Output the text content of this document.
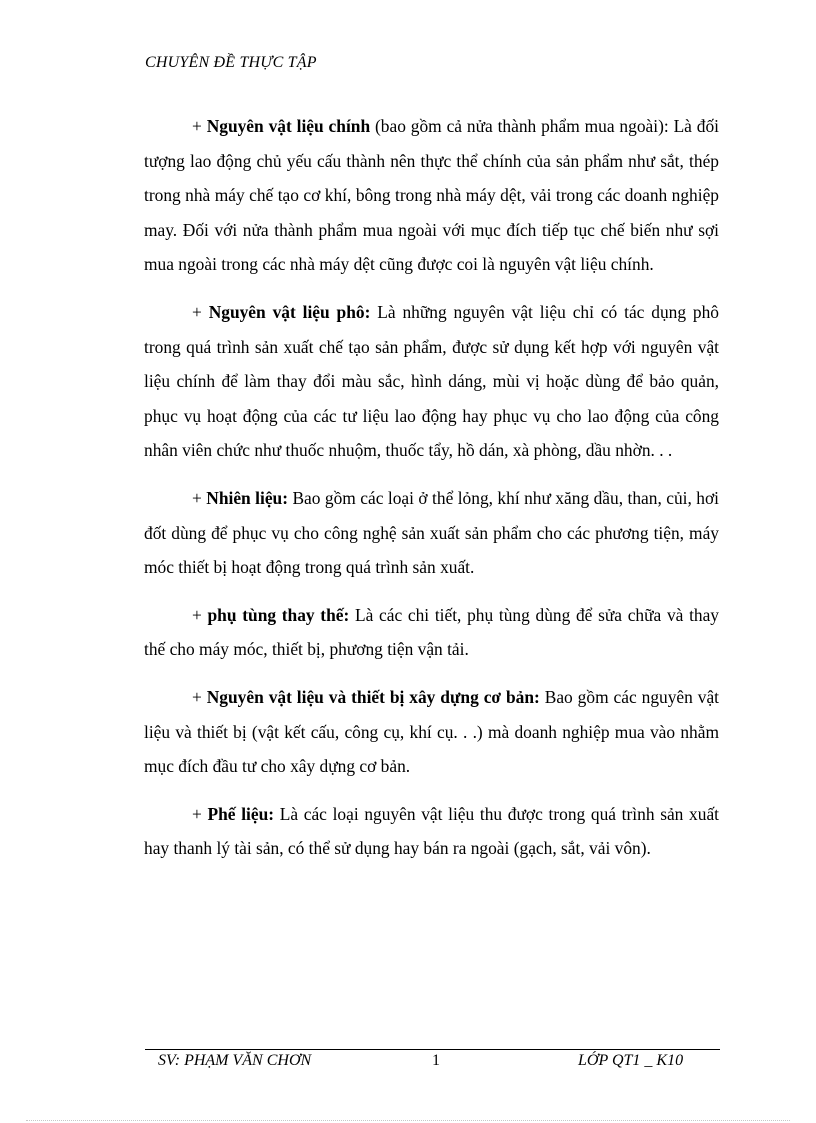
CHUYÊN ĐỀ THỰC TẬP

+ Nguyên vật liệu chính (bao gồm cả nửa thành phẩm mua ngoài): Là đối tượng lao động chủ yếu cấu thành nên thực thể chính của sản phẩm như sắt, thép trong nhà máy chế tạo cơ khí, bông trong nhà máy dệt, vải trong các doanh nghiệp may. Đối với nửa thành phẩm mua ngoài với mục đích tiếp tục chế biến như sợi mua ngoài trong các nhà máy dệt cũng được coi là nguyên vật liệu chính.

+ Nguyên vật liệu phô: Là những nguyên vật liệu chỉ có tác dụng phô trong quá trình sản xuất chế tạo sản phẩm, được sử dụng kết hợp với nguyên vật liệu chính để làm thay đổi màu sắc, hình dáng, mùi vị hoặc dùng để bảo quản, phục vụ hoạt động của các tư liệu lao động hay phục vụ cho lao động của công nhân viên chức như thuốc nhuộm, thuốc tẩy, hồ dán, xà phòng, dầu nhờn. . .

+ Nhiên liệu: Bao gồm các loại ở thể lỏng, khí như xăng dầu, than, củi, hơi đốt dùng để phục vụ cho công nghệ sản xuất sản phẩm cho các phương tiện, máy móc thiết bị hoạt động trong quá trình sản xuất.

+ phụ tùng thay thế: Là các chi tiết, phụ tùng dùng để sửa chữa và thay thế cho máy móc, thiết bị, phương tiện vận tải.

+ Nguyên vật liệu và thiết bị xây dựng cơ bản: Bao gồm các nguyên vật liệu và thiết bị (vật kết cấu, công cụ, khí cụ. . .) mà doanh nghiệp mua vào nhằm mục đích đầu tư cho xây dựng cơ bản.

+ Phế liệu: Là các loại nguyên vật liệu thu được trong quá trình sản xuất hay thanh lý tài sản, có thể sử dụng hay bán ra ngoài (gạch, sắt, vải vôn).

SV: PHẠM VĂN CHƠN	1	LỚP QT1 _ K10
